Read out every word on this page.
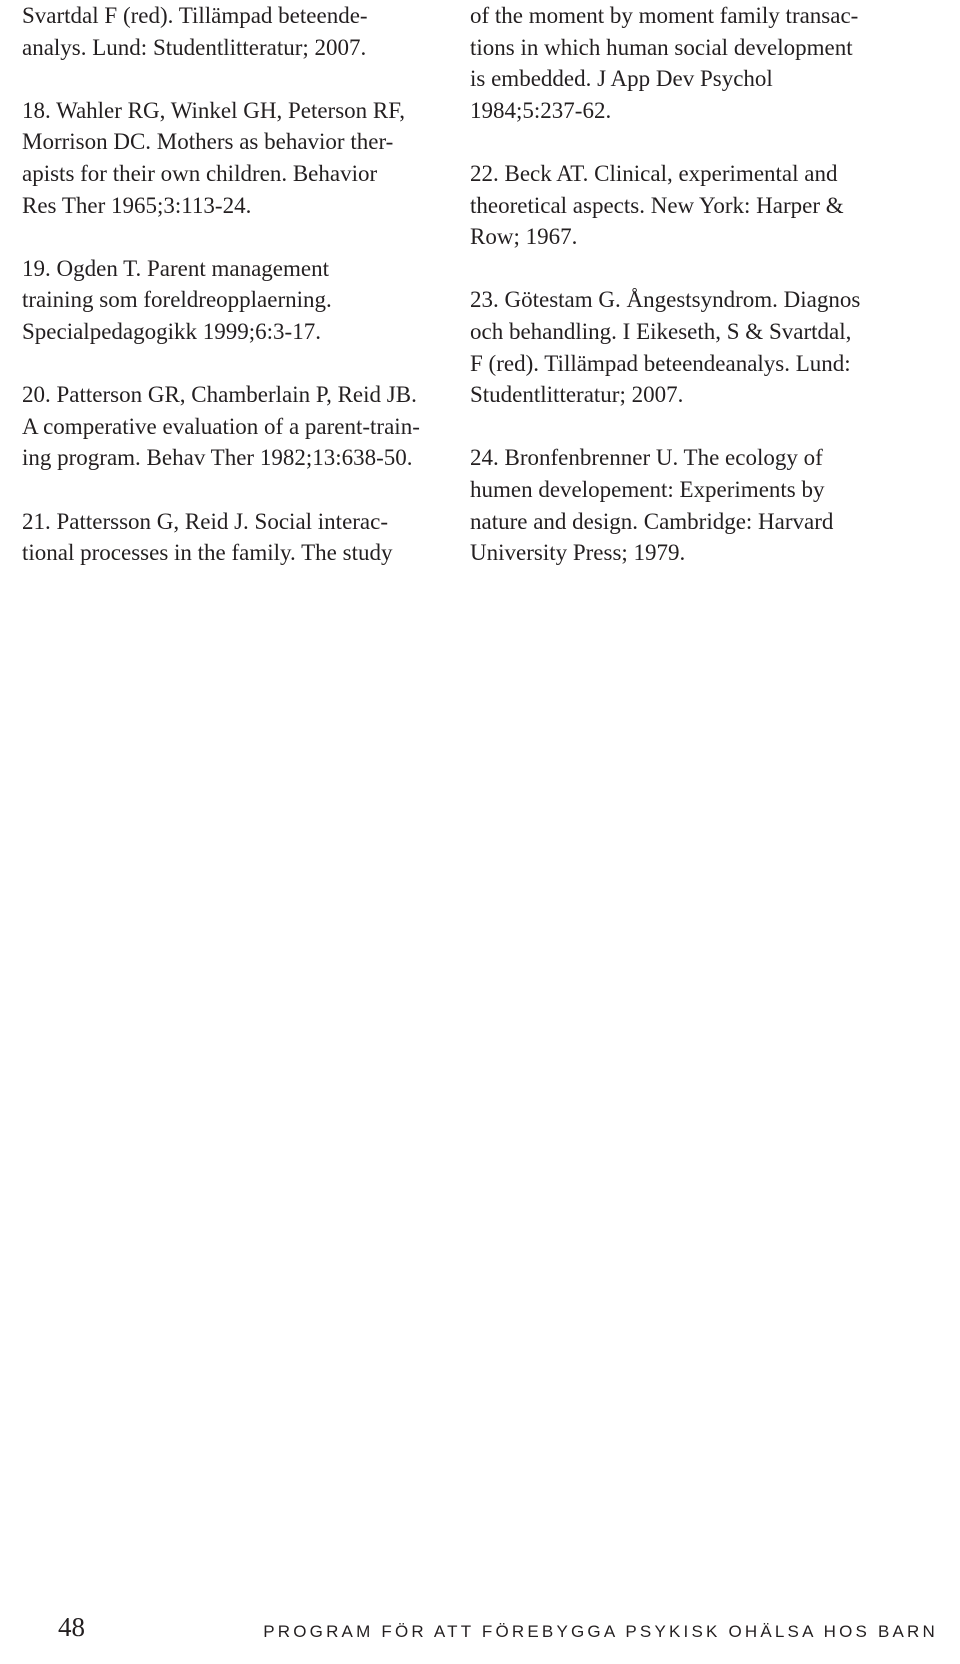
Svartdal F (red). Tillämpad beteende-
analys. Lund: Studentlitteratur; 2007.
18. Wahler RG, Winkel GH, Peterson RF,
Morrison DC. Mothers as behavior ther-
apists for their own children. Behavior
Res Ther 1965;3:113-24.
19. Ogden T. Parent management
training som foreldreopplaerning.
Specialpedagogikk 1999;6:3-17.
20. Patterson GR, Chamberlain P, Reid JB.
A comperative evaluation of a parent-train-
ing program. Behav Ther 1982;13:638-50.
21. Pattersson G, Reid J. Social interac-
tional processes in the family. The study
of the moment by moment family transac-
tions in which human social development
is embedded. J App Dev Psychol
1984;5:237-62.
22. Beck AT. Clinical, experimental and
theoretical aspects. New York: Harper &
Row; 1967.
23. Götestam G. Ångestsyndrom. Diagnos
och behandling. I Eikeseth, S & Svartdal,
F (red). Tillämpad beteendeanalys. Lund:
Studentlitteratur; 2007.
24. Bronfenbrenner U. The ecology of
humen developement: Experiments by
nature and design. Cambridge: Harvard
University Press; 1979.
48	PROGRAM FÖR ATT FÖREBYGGA PSYKISK OHÄLSA HOS BARN
